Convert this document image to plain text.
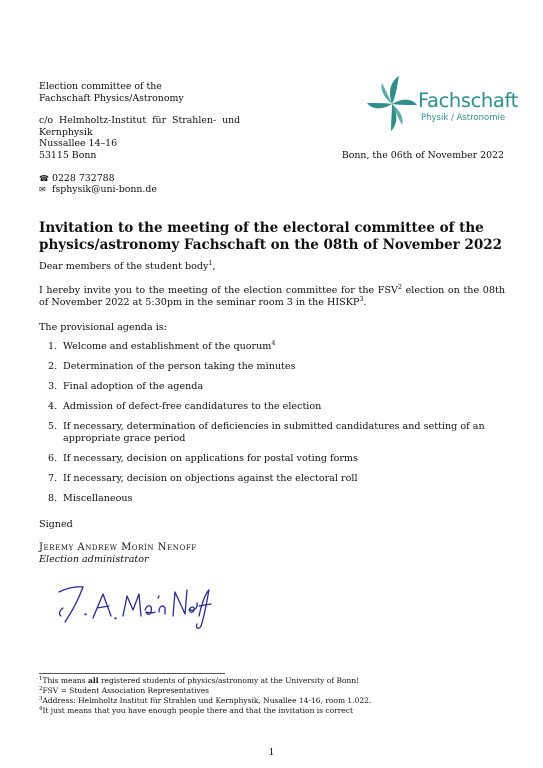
Election committee of the
Fachschaft Physics/Astronomy
c/o Helmholtz-Institut für Strahlen- und
Kernphysik
Nussallee 14–16
53115 Bonn
☎ 0228 732788
✉ fsphysik@uni-bonn.de
Fachschaft
Physik / Astronomie
Bonn, the 06th of November 2022
Invitation to the meeting of the electoral committee of the physics/astronomy Fachschaft on the 08th of November 2022
Dear members of the student body$^1$,
I hereby invite you to the meeting of the election committee for the FSV$^2$ election on the 08th of November 2022 at 5:30pm in the seminar room 3 in the HISKP$^3$.
The provisional agenda is:
1. Welcome and establishment of the quorum$^4$
2. Determination of the person taking the minutes
3. Final adoption of the agenda
4. Admission of defect-free candidatures to the election
5. If necessary, determination of deficiencies in submitted candidatures and setting of an appropriate grace period
6. If necessary, decision on applications for postal voting forms
7. If necessary, decision on objections against the electoral roll
8. Miscellaneous
Signed
Jeremy Andrew Morín Nenoff
Election administrator
$^1$This means all registered students of physics/astronomy at the University of Bonn!
$^2$FSV = Student Association Representatives
$^3$Address: Helmholtz Institut für Strahlen und Kernphysik, Nusallee 14-16, room 1.022.
$^4$It just means that you have enough people there and that the invitation is correct
1
